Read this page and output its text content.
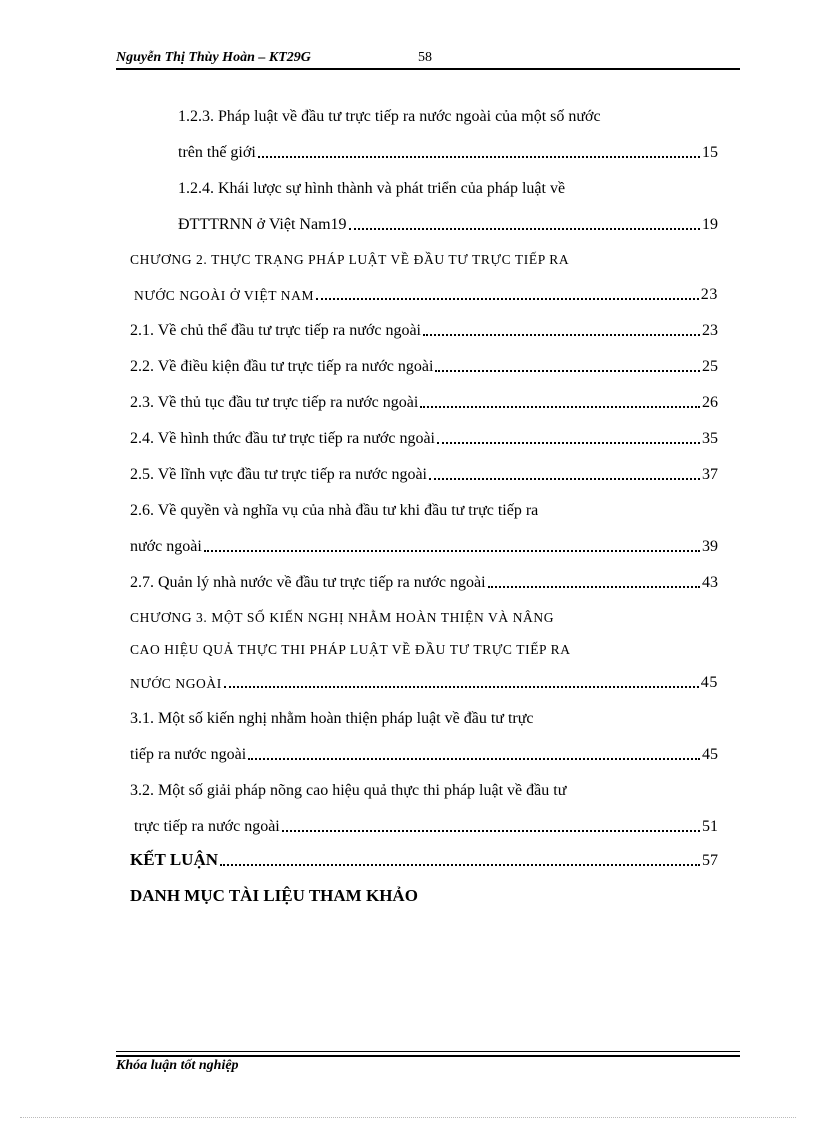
Nguyễn Thị Thùy Hoàn – KT29G	58
1.2.3. Pháp luật về đầu tư trực tiếp ra nước ngoài của một số nước
trên thế giới	15
1.2.4. Khái lược sự hình thành và phát triển của pháp luật về
ĐTTTRNN ở Việt Nam19	19
CHƯƠNG 2. THỰC TRẠNG PHÁP LUẬT VỀ ĐẦU TƯ TRỰC TIẾP RA
NƯỚC NGOÀI Ở VIỆT NAM	23
2.1. Về chủ thể đầu tư trực tiếp ra nước ngoài	23
2.2. Về điều kiện đầu tư trực tiếp ra nước ngoài	25
2.3. Về thủ tục đầu tư trực tiếp ra nước ngoài	26
2.4. Về hình thức đầu tư trực tiếp ra nước ngoài	35
2.5. Về lĩnh vực đầu tư trực tiếp ra nước ngoài	37
2.6. Về quyền và nghĩa vụ của nhà đầu tư khi đầu tư trực tiếp ra
nước ngoài	39
2.7. Quản lý nhà nước về đầu tư trực tiếp ra nước ngoài	43
CHƯƠNG 3. MỘT SỐ KIẾN NGHỊ NHẰM HOÀN THIỆN VÀ NÂNG
CAO HIỆU QUẢ THỰC THI PHÁP LUẬT VỀ ĐẦU TƯ TRỰC TIẾP RA
NƯỚC NGOÀI	45
3.1. Một số kiến nghị nhằm hoàn thiện pháp luật về đầu tư trực
tiếp ra nước ngoài	45
3.2. Một số giải pháp nõng cao hiệu quả thực thi pháp luật về đầu tư
trực tiếp ra nước ngoài	51
KẾT LUẬN	57
DANH MỤC TÀI LIỆU THAM KHẢO
Khóa luận tốt nghiệp
